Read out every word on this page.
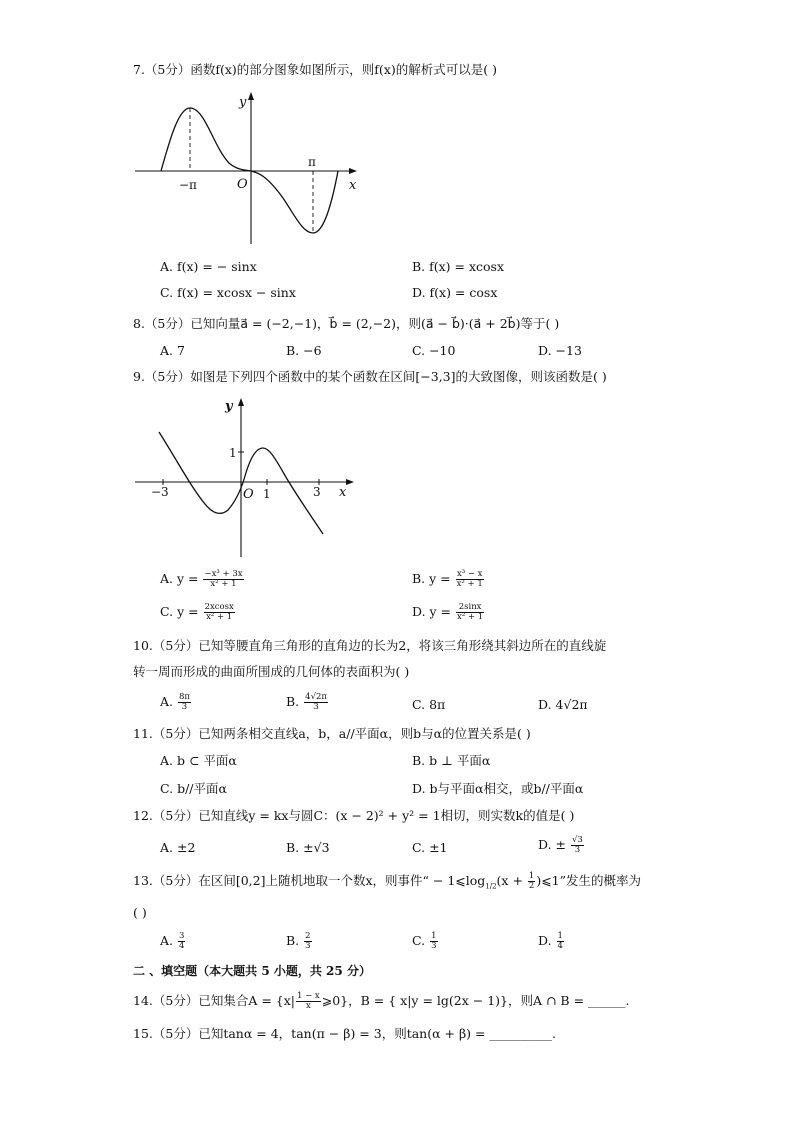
7.（5分）函数f(x)的部分图象如图所示，则f(x)的解析式可以是( )
y
x
O
−π
π
A. f(x) = − sinx	B. f(x) = xcosx
C. f(x) = xcosx − sinx	D. f(x) = cosx
8.（5分）已知向量a⃗ = (−2,−1)，b⃗ = (2,−2)，则(a⃗ − b⃗)·(a⃗ + 2b⃗)等于( )
A. 7	B. −6	C. −10	D. −13
9.（5分）如图是下列四个函数中的某个函数在区间[−3,3]的大致图像，则该函数是( )
y
x
O
1
1
−3	3
A. $y = \frac{\text{−x³ + 3x}}{\text{x² + 1}}$	B. $y = \frac{\text{x³ − x}}{\text{x² + 1}}$
C. $y = \frac{2xcosx}{\text{x² + 1}}$	D. $y = \frac{2\sin x}{\text{x² + 1}}$
10.（5分）已知等腰直角三角形的直角边的长为2，将该三角形绕其斜边所在的直线旋
转一周而形成的曲面所围成的几何体的表面积为( )
A. $\frac{8\pi}{3}$	B. $\frac{4√2\pi}{3}$	C. 8π	D. 4√2π
11.（5分）已知两条相交直线a，b，a//平面α，则b与α的位置关系是( )
A. b ⊂ 平面α	B. b ⊥ 平面α
C. b//平面α	D. b与平面α相交，或b//平面α
12.（5分）已知直线y = kx与圆C：(x − 2)² + y² = 1相切，则实数k的值是( )
A. ±2	B. ±√3	C. ±1	D. ± $\frac{√3}{3}$
13.（5分）在区间[0,2]上随机地取一个数x，则事件“ − $1⩽\log_{1/2}(x + \frac{1}{2}$ )⩽1”发生的概率为
( )
A. $\frac{3}{4}$	B. $\frac{2}{3}$	C. $\frac{1}{3}$	D. $\frac{1}{4}$
二 、填空题（本大题共 5 小题，共 25 分）
14.（5分）已知集合$A = \{x| \frac{1 - x}{x}$ ⩾0}，B = { x|y = lg(2x − 1)}，则A ∩ B = ______.
15.（5分）已知tanα = 4，tan(π − β) = 3，则tan(α + β) = __________.
